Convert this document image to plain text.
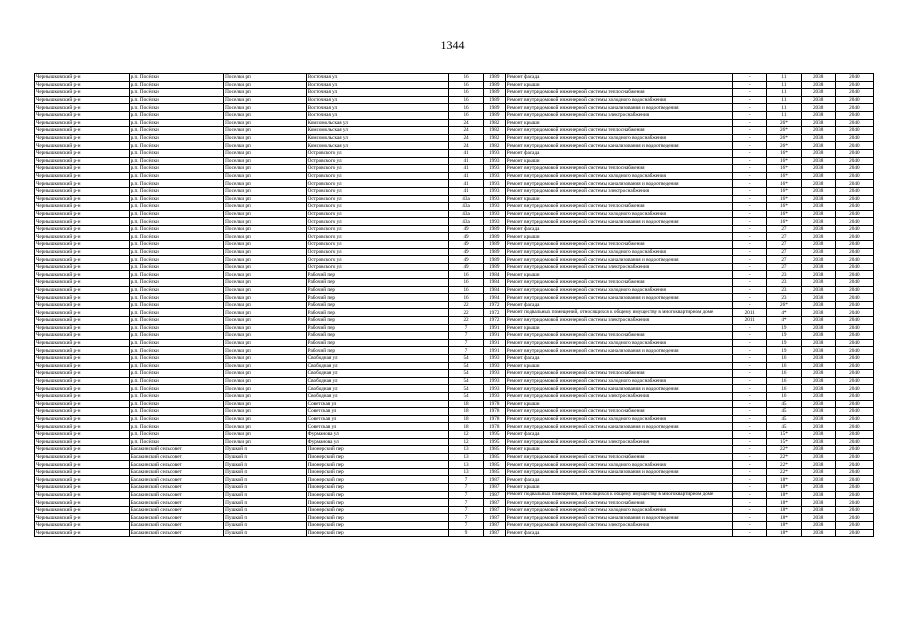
1344
Чернышковский р-н	р.п. Посёлки	Поселки рп	Восточная ул	16	1989	Ремонт фасада	-	11	2038	2040
Чернышковский р-н	р.п. Посёлки	Поселки рп	Восточная ул	16	1989	Ремонт крыши	-	11	2038	2040
Чернышковский р-н	р.п. Посёлки	Поселки рп	Восточная ул	16	1989	Ремонт внутридомовой инженерной системы теплоснабжения	-	11	2038	2040
Чернышковский р-н	р.п. Посёлки	Поселки рп	Восточная ул	16	1989	Ремонт внутридомовой инженерной системы холодного водоснабжения	-	11	2038	2040
Чернышковский р-н	р.п. Посёлки	Поселки рп	Восточная ул	16	1989	Ремонт внутридомовой инженерной системы канализования и водоотведения	-	11	2038	2040
Чернышковский р-н	р.п. Посёлки	Поселки рп	Восточная ул	16	1989	Ремонт внутридомовой инженерной системы электроснабжения	-	11	2038	2040
Чернышковский р-н	р.п. Посёлки	Поселки рп	Комсомольская ул	24	1982	Ремонт крыши	-	26*	2038	2040
Чернышковский р-н	р.п. Посёлки	Поселки рп	Комсомольская ул	24	1982	Ремонт внутридомовой инженерной системы теплоснабжения	-	26*	2038	2040
Чернышковский р-н	р.п. Посёлки	Поселки рп	Комсомольская ул	24	1982	Ремонт внутридомовой инженерной системы холодного водоснабжения	-	26*	2038	2040
Чернышковский р-н	р.п. Посёлки	Поселки рп	Комсомольская ул	24	1982	Ремонт внутридомовой инженерной системы канализования и водоотведения	-	26*	2038	2040
Чернышковский р-н	р.п. Посёлки	Поселки рп	Островского ул	41	1993	Ремонт фасада	-	16*	2038	2040
Чернышковский р-н	р.п. Посёлки	Поселки рп	Островского ул	41	1993	Ремонт крыши	-	16*	2038	2040
Чернышковский р-н	р.п. Посёлки	Поселки рп	Островского ул	41	1993	Ремонт внутридомовой инженерной системы теплоснабжения	-	16*	2038	2040
Чернышковский р-н	р.п. Посёлки	Поселки рп	Островского ул	41	1993	Ремонт внутридомовой инженерной системы холодного водоснабжения	-	16*	2038	2040
Чернышковский р-н	р.п. Посёлки	Поселки рп	Островского ул	41	1993	Ремонт внутридомовой инженерной системы канализования и водоотведения	-	16*	2038	2040
Чернышковский р-н	р.п. Посёлки	Поселки рп	Островского ул	41	1993	Ремонт внутридомовой инженерной системы электроснабжения	-	16*	2038	2040
Чернышковский р-н	р.п. Посёлки	Поселки рп	Островского ул	43а	1993	Ремонт крыши	-	16*	2038	2040
Чернышковский р-н	р.п. Посёлки	Поселки рп	Островского ул	43а	1993	Ремонт внутридомовой инженерной системы теплоснабжения	-	16*	2038	2040
Чернышковский р-н	р.п. Посёлки	Поселки рп	Островского ул	43а	1993	Ремонт внутридомовой инженерной системы холодного водоснабжения	-	16*	2038	2040
Чернышковский р-н	р.п. Посёлки	Поселки рп	Островского ул	43а	1993	Ремонт внутридомовой инженерной системы канализования и водоотведения	-	16*	2038	2040
Чернышковский р-н	р.п. Посёлки	Поселки рп	Островского ул	49	1989	Ремонт фасада	-	27	2038	2040
Чернышковский р-н	р.п. Посёлки	Поселки рп	Островского ул	49	1989	Ремонт крыши	-	27	2038	2040
Чернышковский р-н	р.п. Посёлки	Поселки рп	Островского ул	49	1989	Ремонт внутридомовой инженерной системы теплоснабжения	-	27	2038	2040
Чернышковский р-н	р.п. Посёлки	Поселки рп	Островского ул	49	1989	Ремонт внутридомовой инженерной системы холодного водоснабжения	-	27	2038	2040
Чернышковский р-н	р.п. Посёлки	Поселки рп	Островского ул	49	1989	Ремонт внутридомовой инженерной системы канализования и водоотведения	-	27	2038	2040
Чернышковский р-н	р.п. Посёлки	Поселки рп	Островского ул	49	1989	Ремонт внутридомовой инженерной системы электроснабжения	-	27	2038	2040
Чернышковский р-н	р.п. Посёлки	Поселки рп	Рабочий пер	16	1984	Ремонт крыши	-	23	2038	2040
Чернышковский р-н	р.п. Посёлки	Поселки рп	Рабочий пер	16	1984	Ремонт внутридомовой инженерной системы теплоснабжения	-	23	2038	2040
Чернышковский р-н	р.п. Посёлки	Поселки рп	Рабочий пер	16	1984	Ремонт внутридомовой инженерной системы холодного водоснабжения	-	23	2038	2040
Чернышковский р-н	р.п. Посёлки	Поселки рп	Рабочий пер	16	1984	Ремонт внутридомовой инженерной системы канализования и водоотведения	-	23	2038	2040
Чернышковский р-н	р.п. Посёлки	Поселки рп	Рабочий пер	22	1972	Ремонт фасада	-	26*	2038	2040
Чернышковский р-н	р.п. Посёлки	Поселки рп	Рабочий пер	22	1972	Ремонт подвальных помещений, относящихся к общему имуществу в многоквартирном доме	2011	4*	2038	2040
Чернышковский р-н	р.п. Посёлки	Поселки рп	Рабочий пер	22	1972	Ремонт внутридомовой инженерной системы электроснабжения	2011	4*	2038	2040
Чернышковский р-н	р.п. Посёлки	Поселки рп	Рабочий пер	7	1991	Ремонт крыши	-	19	2038	2040
Чернышковский р-н	р.п. Посёлки	Поселки рп	Рабочий пер	7	1991	Ремонт внутридомовой инженерной системы теплоснабжения	-	19	2038	2040
Чернышковский р-н	р.п. Посёлки	Поселки рп	Рабочий пер	7	1991	Ремонт внутридомовой инженерной системы холодного водоснабжения	-	19	2038	2040
Чернышковский р-н	р.п. Посёлки	Поселки рп	Рабочий пер	7	1991	Ремонт внутридомовой инженерной системы канализования и водоотведения	-	19	2038	2040
Чернышковский р-н	р.п. Посёлки	Поселки рп	Свободная ул	54	1993	Ремонт фасада	-	16	2038	2040
Чернышковский р-н	р.п. Посёлки	Поселки рп	Свободная ул	54	1993	Ремонт крыши	-	16	2038	2040
Чернышковский р-н	р.п. Посёлки	Поселки рп	Свободная ул	54	1993	Ремонт внутридомовой инженерной системы теплоснабжения	-	16	2038	2040
Чернышковский р-н	р.п. Посёлки	Поселки рп	Свободная ул	54	1993	Ремонт внутридомовой инженерной системы холодного водоснабжения	-	16	2038	2040
Чернышковский р-н	р.п. Посёлки	Поселки рп	Свободная ул	54	1993	Ремонт внутридомовой инженерной системы канализования и водоотведения	-	16	2038	2040
Чернышковский р-н	р.п. Посёлки	Поселки рп	Свободная ул	54	1993	Ремонт внутридомовой инженерной системы электроснабжения	-	16	2038	2040
Чернышковский р-н	р.п. Посёлки	Поселки рп	Советская ул	18	1978	Ремонт крыши	-	45	2038	2040
Чернышковский р-н	р.п. Посёлки	Поселки рп	Советская ул	18	1978	Ремонт внутридомовой инженерной системы теплоснабжения	-	45	2038	2040
Чернышковский р-н	р.п. Посёлки	Поселки рп	Советская ул	18	1978	Ремонт внутридомовой инженерной системы холодного водоснабжения	-	45	2038	2040
Чернышковский р-н	р.п. Посёлки	Поселки рп	Советская ул	18	1978	Ремонт внутридомовой инженерной системы канализования и водоотведения	-	45	2038	2040
Чернышковский р-н	р.п. Посёлки	Поселки рп	Фурманова ул	12	1995	Ремонт фасада	-	15*	2038	2040
Чернышковский р-н	р.п. Посёлки	Поселки рп	Фурманова ул	12	1995	Ремонт внутридомовой инженерной системы электроснабжения	-	15*	2038	2040
Чернышковский р-н	Басакинский сельсовет	Пушкой п	Пионерский пер	13	1985	Ремонт крыши	-	22*	2038	2040
Чернышковский р-н	Басакинский сельсовет	Пушкой п	Пионерский пер	13	1985	Ремонт внутридомовой инженерной системы теплоснабжения	-	22*	2038	2040
Чернышковский р-н	Басакинский сельсовет	Пушкой п	Пионерский пер	13	1985	Ремонт внутридомовой инженерной системы холодного водоснабжения	-	22*	2038	2040
Чернышковский р-н	Басакинский сельсовет	Пушкой п	Пионерский пер	13	1985	Ремонт внутридомовой инженерной системы канализования и водоотведения	-	22*	2038	2040
Чернышковский р-н	Басакинский сельсовет	Пушкой п	Пионерский пер	7	1987	Ремонт фасада	-	18*	2038	2040
Чернышковский р-н	Басакинский сельсовет	Пушкой п	Пионерский пер	7	1987	Ремонт крыши	-	18*	2038	2040
Чернышковский р-н	Басакинский сельсовет	Пушкой п	Пионерский пер	7	1987	Ремонт подвальных помещений, относящихся к общему имуществу в многоквартирном доме	-	18*	2038	2040
Чернышковский р-н	Басакинский сельсовет	Пушкой п	Пионерский пер	7	1987	Ремонт внутридомовой инженерной системы теплоснабжения	-	18*	2038	2040
Чернышковский р-н	Басакинский сельсовет	Пушкой п	Пионерский пер	7	1987	Ремонт внутридомовой инженерной системы холодного водоснабжения	-	18*	2038	2040
Чернышковский р-н	Басакинский сельсовет	Пушкой п	Пионерский пер	7	1987	Ремонт внутридомовой инженерной системы канализования и водоотведения	-	18*	2038	2040
Чернышковский р-н	Басакинский сельсовет	Пушкой п	Пионерский пер	7	1987	Ремонт внутридомовой инженерной системы электроснабжения	-	18*	2038	2040
Чернышковский р-н	Басакинский сельсовет	Пушкой п	Пионерский пер	9	1987	Ремонт фасада	-	18*	2038	2040
